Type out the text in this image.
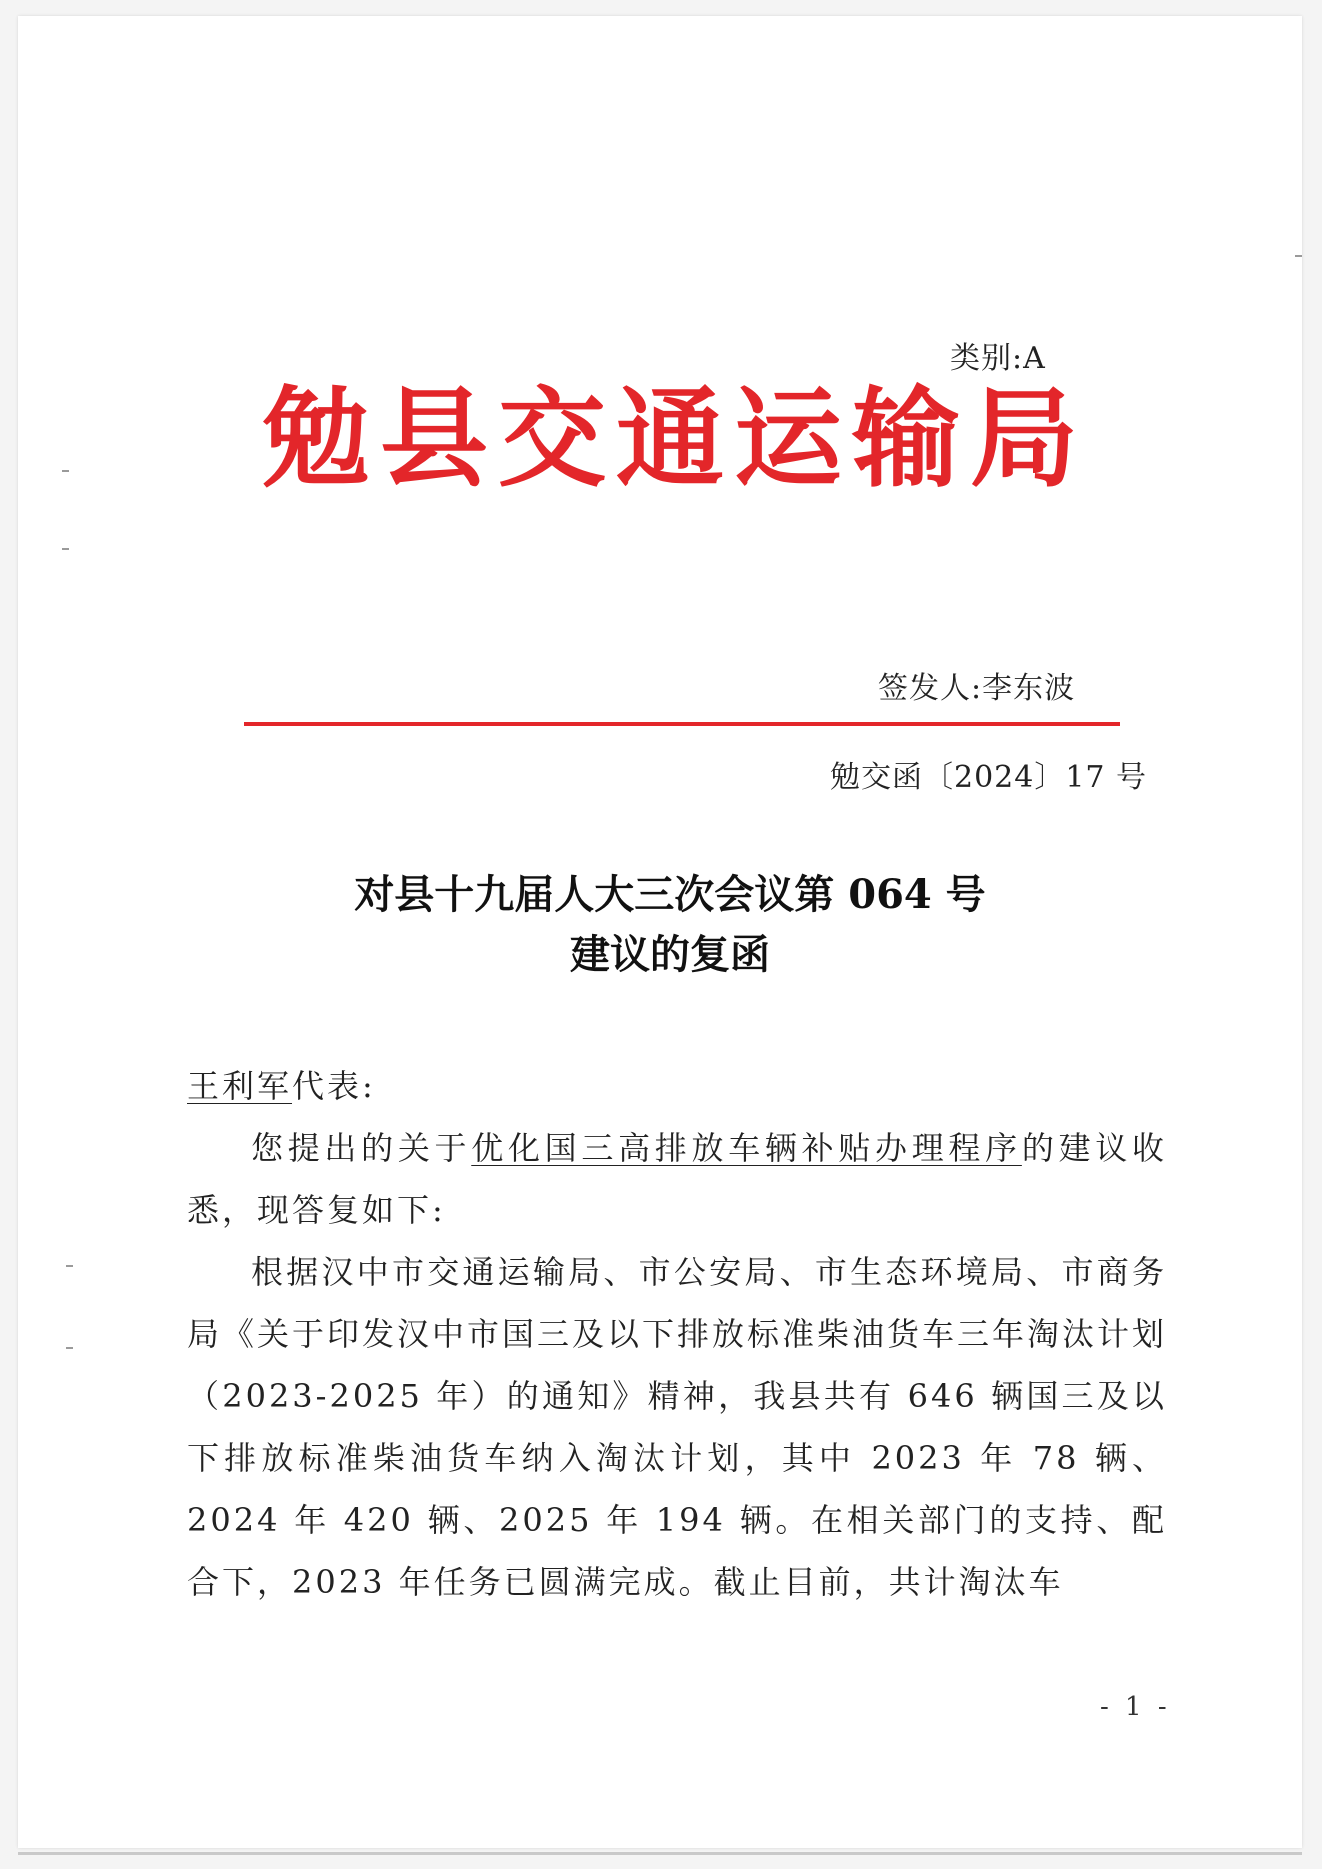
类别:A
勉县交通运输局
签发人:李东波
勉交函〔2024〕17 号
对县十九届人大三次会议第 064 号
建议的复函

王利军代表:

您提出的关于优化国三高排放车辆补贴办理程序的建议收悉，现答复如下:

根据汉中市交通运输局、市公安局、市生态环境局、市商务局《关于印发汉中市国三及以下排放标准柴油货车三年淘汰计划（2023-2025 年）的通知》精神，我县共有 646 辆国三及以下排放标准柴油货车纳入淘汰计划，其中 2023 年 78 辆、2024 年 420 辆、2025 年 194 辆。在相关部门的支持、配合下，2023 年任务已圆满完成。截止目前，共计淘汰车

- 1 -
